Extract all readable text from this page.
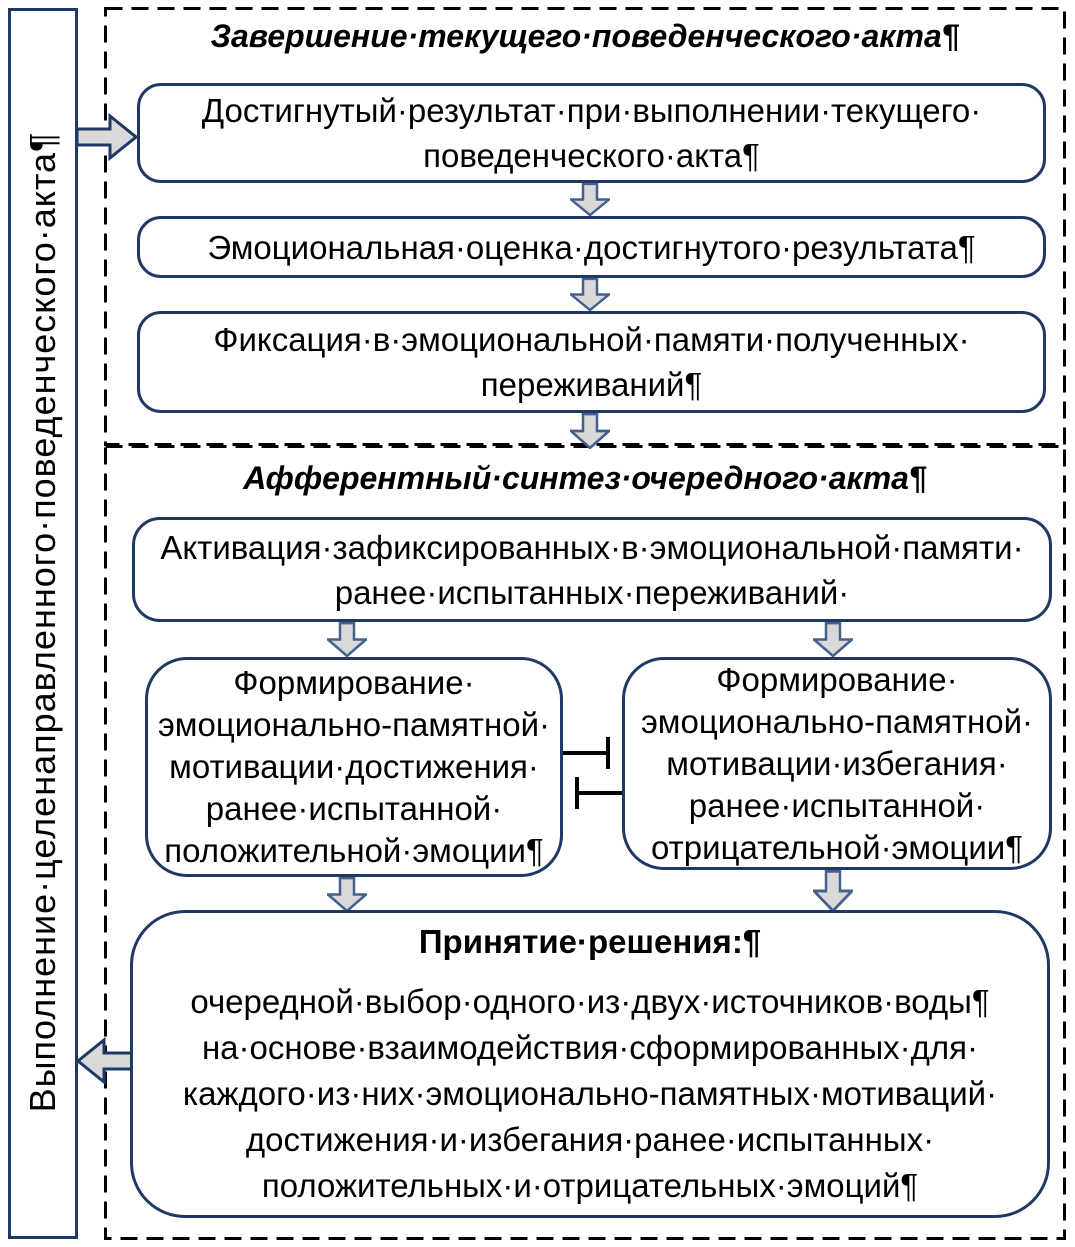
Выполнение·целенаправленного·поведенческого·акта¶
Завершение·текущего·поведенческого·акта¶
Достигнутый·результат·при·выполнении·текущего·
поведенческого·акта¶
Эмоциональная·оценка·достигнутого·результата¶
Фиксация·в·эмоциональной·памяти·полученных·
переживаний¶
Афферентный·синтез·очередного·акта¶
Активация·зафиксированных·в·эмоциональной·памяти·
ранее·испытанных·переживаний·
Формирование·
эмоционально-памятной·
мотивации·достижения·
ранее·испытанной·
положительной·эмоции¶
Формирование·
эмоционально-памятной·
мотивации·избегания·
ранее·испытанной·
отрицательной·эмоции¶
Принятие·решения:¶
очередной·выбор·одного·из·двух·источников·воды¶
на·основе·взаимодействия·сформированных·для·
каждого·из·них·эмоционально-памятных·мотиваций·
достижения·и·избегания·ранее·испытанных·
положительных·и·отрицательных·эмоций¶
